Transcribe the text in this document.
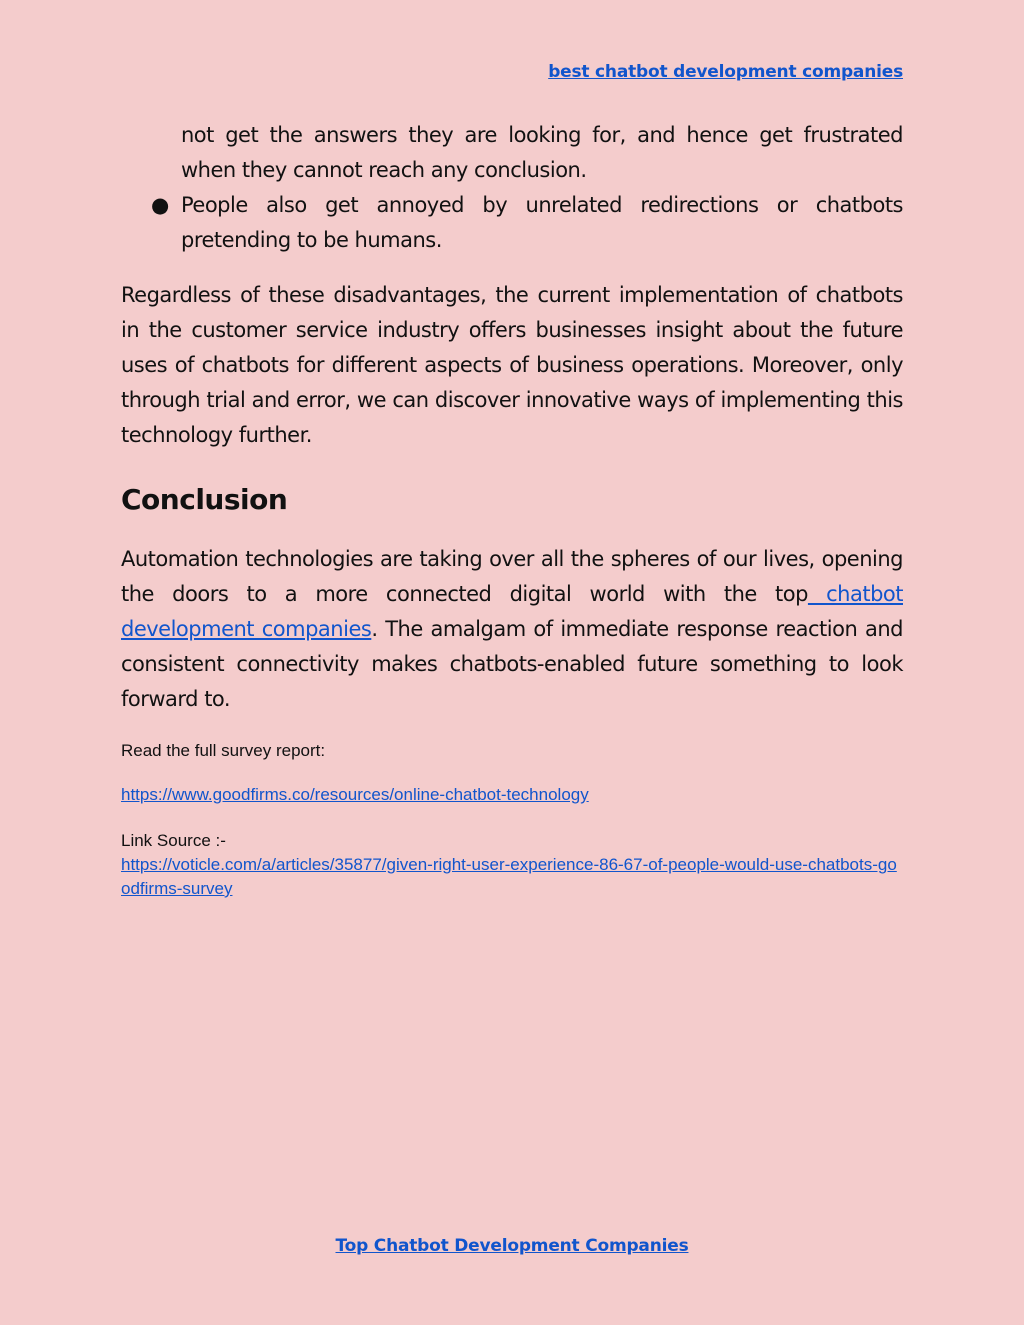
best chatbot development companies
not get the answers they are looking for, and hence get frustrated when they cannot reach any conclusion.
● People also get annoyed by unrelated redirections or chatbots pretending to be humans.

Regardless of these disadvantages, the current implementation of chatbots in the customer service industry offers businesses insight about the future uses of chatbots for different aspects of business operations. Moreover, only through trial and error, we can discover innovative ways of implementing this technology further.

Conclusion

Automation technologies are taking over all the spheres of our lives, opening the doors to a more connected digital world with the top chatbot development companies. The amalgam of immediate response reaction and consistent connectivity makes chatbots-enabled future something to look forward to.

Read the full survey report:
https://www.goodfirms.co/resources/online-chatbot-technology
Link Source :-
https://voticle.com/a/articles/35877/given-right-user-experience-86-67-of-people-would-use-chatbots-goodfirms-survey
Top Chatbot Development Companies
